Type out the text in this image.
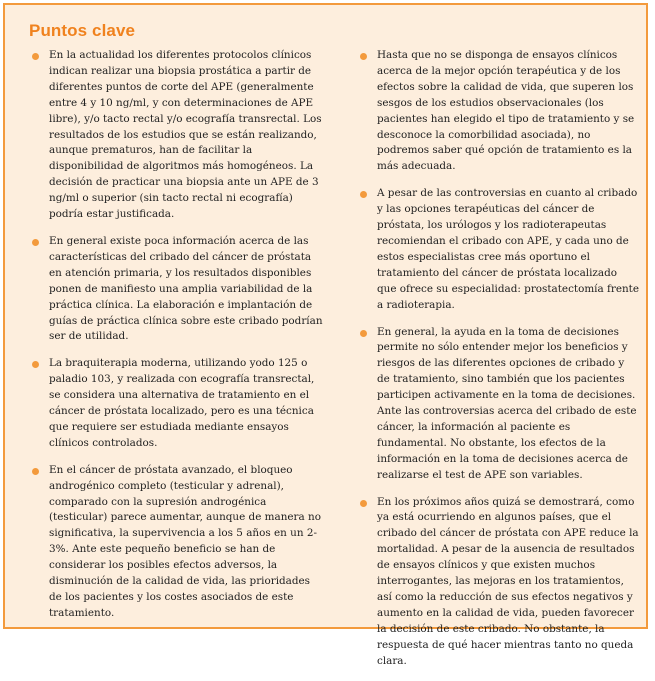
Puntos clave
En la actualidad los diferentes protocolos clínicos indican realizar una biopsia prostática a partir de diferentes puntos de corte del APE (generalmente entre 4 y 10 ng/ml, y con determinaciones de APE libre), y/o tacto rectal y/o ecografía transrectal. Los resultados de los estudios que se están realizando, aunque prematuros, han de facilitar la disponibilidad de algoritmos más homogéneos. La decisión de practicar una biopsia ante un APE de 3 ng/ml o superior (sin tacto rectal ni ecografía) podría estar justificada.
En general existe poca información acerca de las características del cribado del cáncer de próstata en atención primaria, y los resultados disponibles ponen de manifiesto una amplia variabilidad de la práctica clínica. La elaboración e implantación de guías de práctica clínica sobre este cribado podrían ser de utilidad.
La braquiterapia moderna, utilizando yodo 125 o paladio 103, y realizada con ecografía transrectal, se considera una alternativa de tratamiento en el cáncer de próstata localizado, pero es una técnica que requiere ser estudiada mediante ensayos clínicos controlados.
En el cáncer de próstata avanzado, el bloqueo androgénico completo (testicular y adrenal), comparado con la supresión androgénica (testicular) parece aumentar, aunque de manera no significativa, la supervivencia a los 5 años en un 2-3%. Ante este pequeño beneficio se han de considerar los posibles efectos adversos, la disminución de la calidad de vida, las prioridades de los pacientes y los costes asociados de este tratamiento.
Hasta que no se disponga de ensayos clínicos acerca de la mejor opción terapéutica y de los efectos sobre la calidad de vida, que superen los sesgos de los estudios observacionales (los pacientes han elegido el tipo de tratamiento y se desconoce la comorbilidad asociada), no podremos saber qué opción de tratamiento es la más adecuada.
A pesar de las controversias en cuanto al cribado y las opciones terapéuticas del cáncer de próstata, los urólogos y los radioterapeutas recomiendan el cribado con APE, y cada uno de estos especialistas cree más oportuno el tratamiento del cáncer de próstata localizado que ofrece su especialidad: prostatectomía frente a radioterapia.
En general, la ayuda en la toma de decisiones permite no sólo entender mejor los beneficios y riesgos de las diferentes opciones de cribado y de tratamiento, sino también que los pacientes participen activamente en la toma de decisiones. Ante las controversias acerca del cribado de este cáncer, la información al paciente es fundamental. No obstante, los efectos de la información en la toma de decisiones acerca de realizarse el test de APE son variables.
En los próximos años quizá se demostrará, como ya está ocurriendo en algunos países, que el cribado del cáncer de próstata con APE reduce la mortalidad. A pesar de la ausencia de resultados de ensayos clínicos y que existen muchos interrogantes, las mejoras en los tratamientos, así como la reducción de sus efectos negativos y aumento en la calidad de vida, pueden favorecer la decisión de este cribado. No obstante, la respuesta de qué hacer mientras tanto no queda clara.
